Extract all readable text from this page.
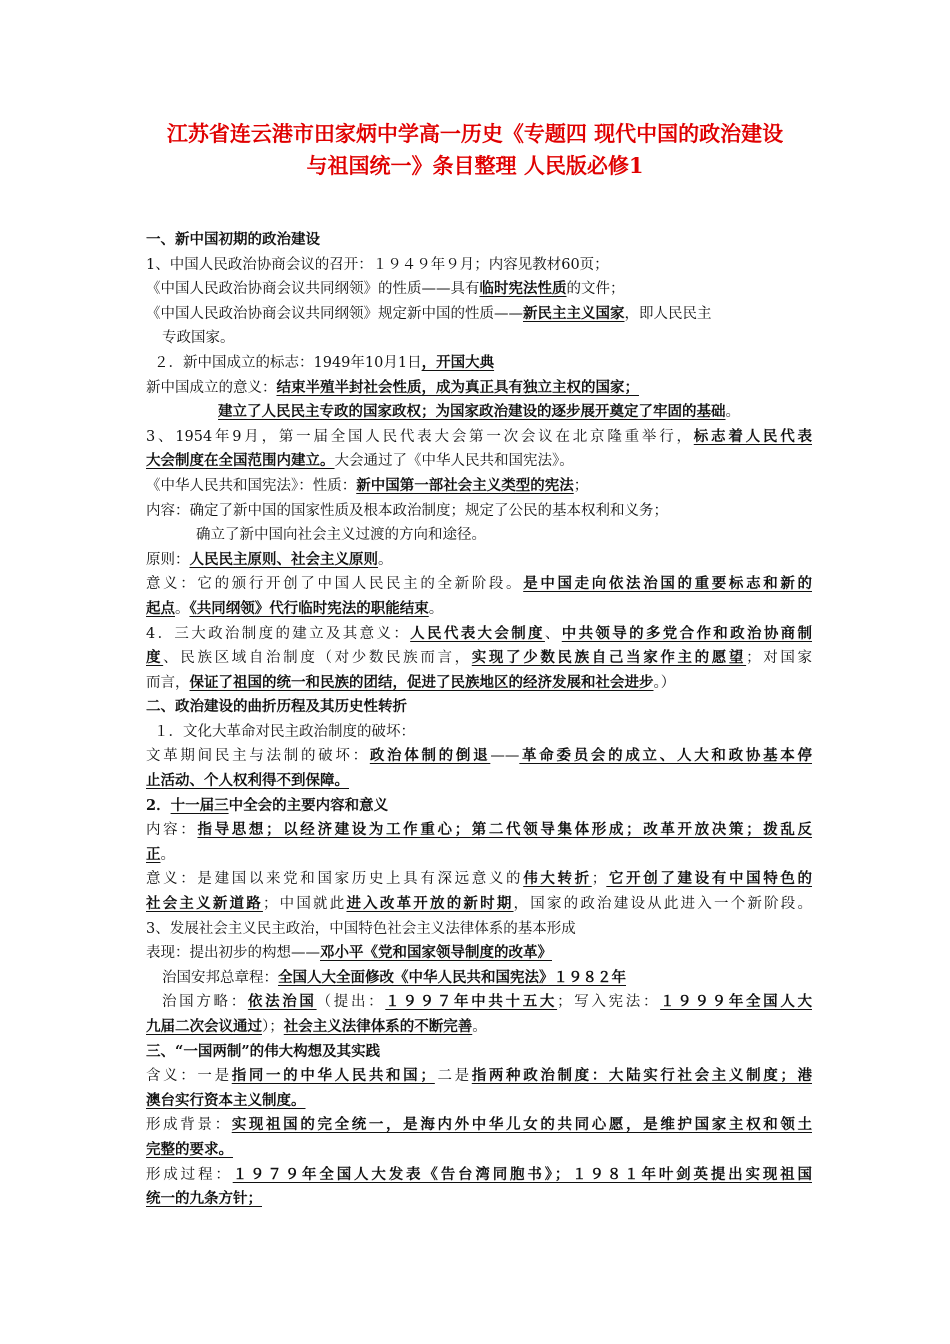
江苏省连云港市田家炳中学高一历史《专题四 现代中国的政治建设
与祖国统一》条目整理 人民版必修1
一、新中国初期的政治建设
1、中国人民政治协商会议的召开：１９４９年９月；内容见教材60页；
《中国人民政治协商会议共同纲领》的性质——具有临时宪法性质的文件；
《中国人民政治协商会议共同纲领》规定新中国的性质——新民主主义国家，即人民民主
专政国家。
２．新中国成立的标志：1949年10月1日，开国大典
新中国成立的意义：结束半殖半封社会性质，成为真正具有独立主权的国家；
建立了人民民主专政的国家政权；为国家政治建设的逐步展开奠定了牢固的基础。
3、1954年9月，第一届全国人民代表大会第一次会议在北京隆重举行，标志着人民代表
大会制度在全国范围内建立。大会通过了《中华人民共和国宪法》。
《中华人民共和国宪法》：性质：新中国第一部社会主义类型的宪法；
内容：确定了新中国的国家性质及根本政治制度；规定了公民的基本权利和义务；
确立了新中国向社会主义过渡的方向和途径。
原则：人民民主原则、社会主义原则。
意义：它的颁行开创了中国人民民主的全新阶段。是中国走向依法治国的重要标志和新的
起点。《共同纲领》代行临时宪法的职能结束。
4．三大政治制度的建立及其意义：人民代表大会制度、中共领导的多党合作和政治协商制
度、民族区域自治制度（对少数民族而言，实现了少数民族自己当家作主的愿望；对国家
而言，保证了祖国的统一和民族的团结，促进了民族地区的经济发展和社会进步。）
二、政治建设的曲折历程及其历史性转折
１．文化大革命对民主政治制度的破坏：
文革期间民主与法制的破坏：政治体制的倒退——革命委员会的成立、人大和政协基本停
止活动、个人权利得不到保障。
2．十一届三中全会的主要内容和意义
内容：指导思想；以经济建设为工作重心；第二代领导集体形成；改革开放决策；拨乱反
正。
意义：是建国以来党和国家历史上具有深远意义的伟大转折；它开创了建设有中国特色的
社会主义新道路；中国就此进入改革开放的新时期，国家的政治建设从此进入一个新阶段。
3、发展社会主义民主政治，中国特色社会主义法律体系的基本形成
表现：提出初步的构想——邓小平《党和国家领导制度的改革》
治国安邦总章程：全国人大全面修改《中华人民共和国宪法》１９８２年
治国方略：依法治国（提出：１９９７年中共十五大；写入宪法：１９９９年全国人大
九届二次会议通过）；社会主义法律体系的不断完善。
三、“一国两制”的伟大构想及其实践
含义：一是指同一的中华人民共和国；二是指两种政治制度：大陆实行社会主义制度；港
澳台实行资本主义制度。
形成背景：实现祖国的完全统一，是海内外中华儿女的共同心愿，是维护国家主权和领土
完整的要求。
形成过程：１９７９年全国人大发表《告台湾同胞书》；１９８１年叶剑英提出实现祖国
统一的九条方针；
